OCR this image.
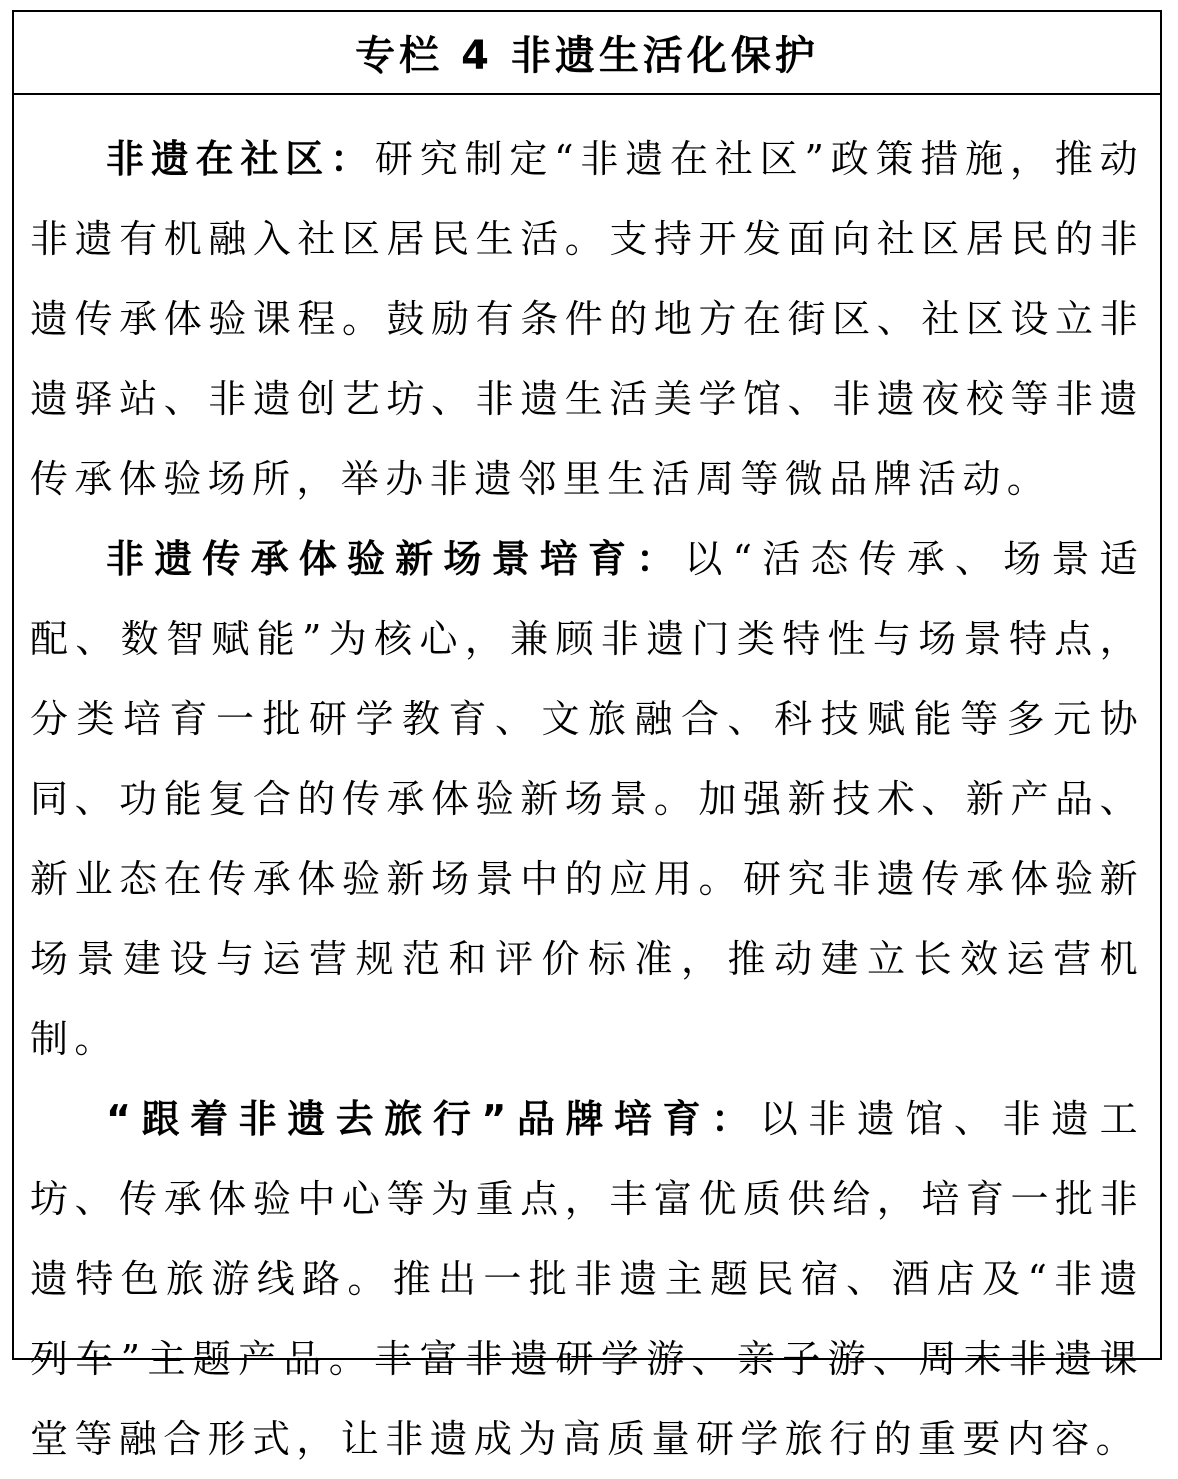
专栏 4 非遗生活化保护

非遗在社区：研究制定“非遗在社区”政策措施，推动非遗有机融入社区居民生活。支持开发面向社区居民的非遗传承体验课程。鼓励有条件的地方在街区、社区设立非遗驿站、非遗创艺坊、非遗生活美学馆、非遗夜校等非遗传承体验场所，举办非遗邻里生活周等微品牌活动。

非遗传承体验新场景培育：以“活态传承、场景适配、数智赋能”为核心，兼顾非遗门类特性与场景特点，分类培育一批研学教育、文旅融合、科技赋能等多元协同、功能复合的传承体验新场景。加强新技术、新产品、新业态在传承体验新场景中的应用。研究非遗传承体验新场景建设与运营规范和评价标准，推动建立长效运营机制。

“跟着非遗去旅行”品牌培育：以非遗馆、非遗工坊、传承体验中心等为重点，丰富优质供给，培育一批非遗特色旅游线路。推出一批非遗主题民宿、酒店及“非遗列车”主题产品。丰富非遗研学游、亲子游、周末非遗课堂等融合形式，让非遗成为高质量研学旅行的重要内容。
